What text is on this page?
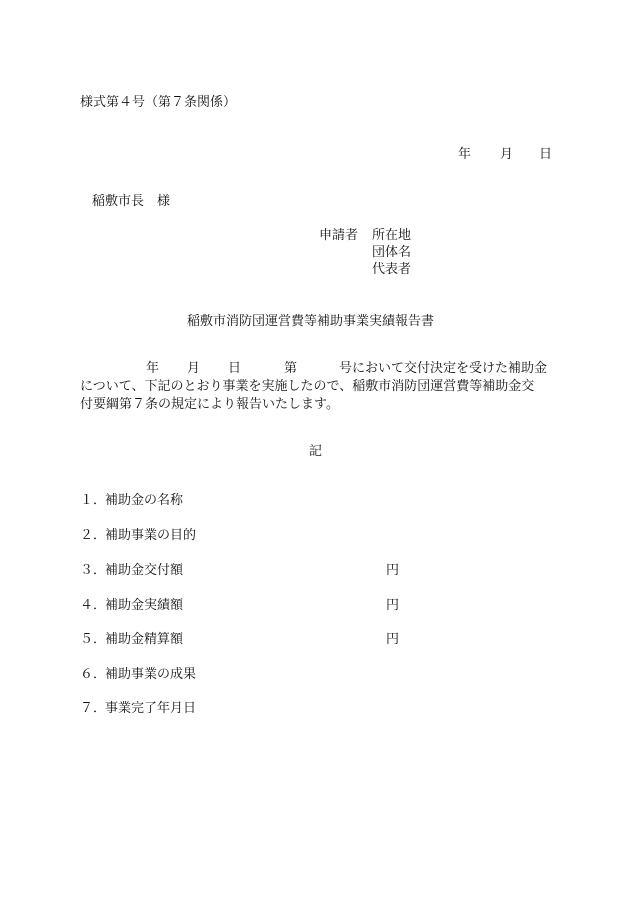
様式第４号（第７条関係）
年 月 日
稲敷市長　様
申請者 所在地
団体名
代表者
稲敷市消防団運営費等補助事業実績報告書
年 月 日	第	号において交付決定を受けた補助金
について、下記のとおり事業を実施したので、稲敷市消防団運営費等補助金交
付要綱第７条の規定により報告いたします。
記
１．
補助金の名称
２．
補助事業の目的
３．
補助金交付額	円
４．
補助金実績額	円
５．
補助金精算額	円
６．
補助事業の成果
７．
事業完了年月日
